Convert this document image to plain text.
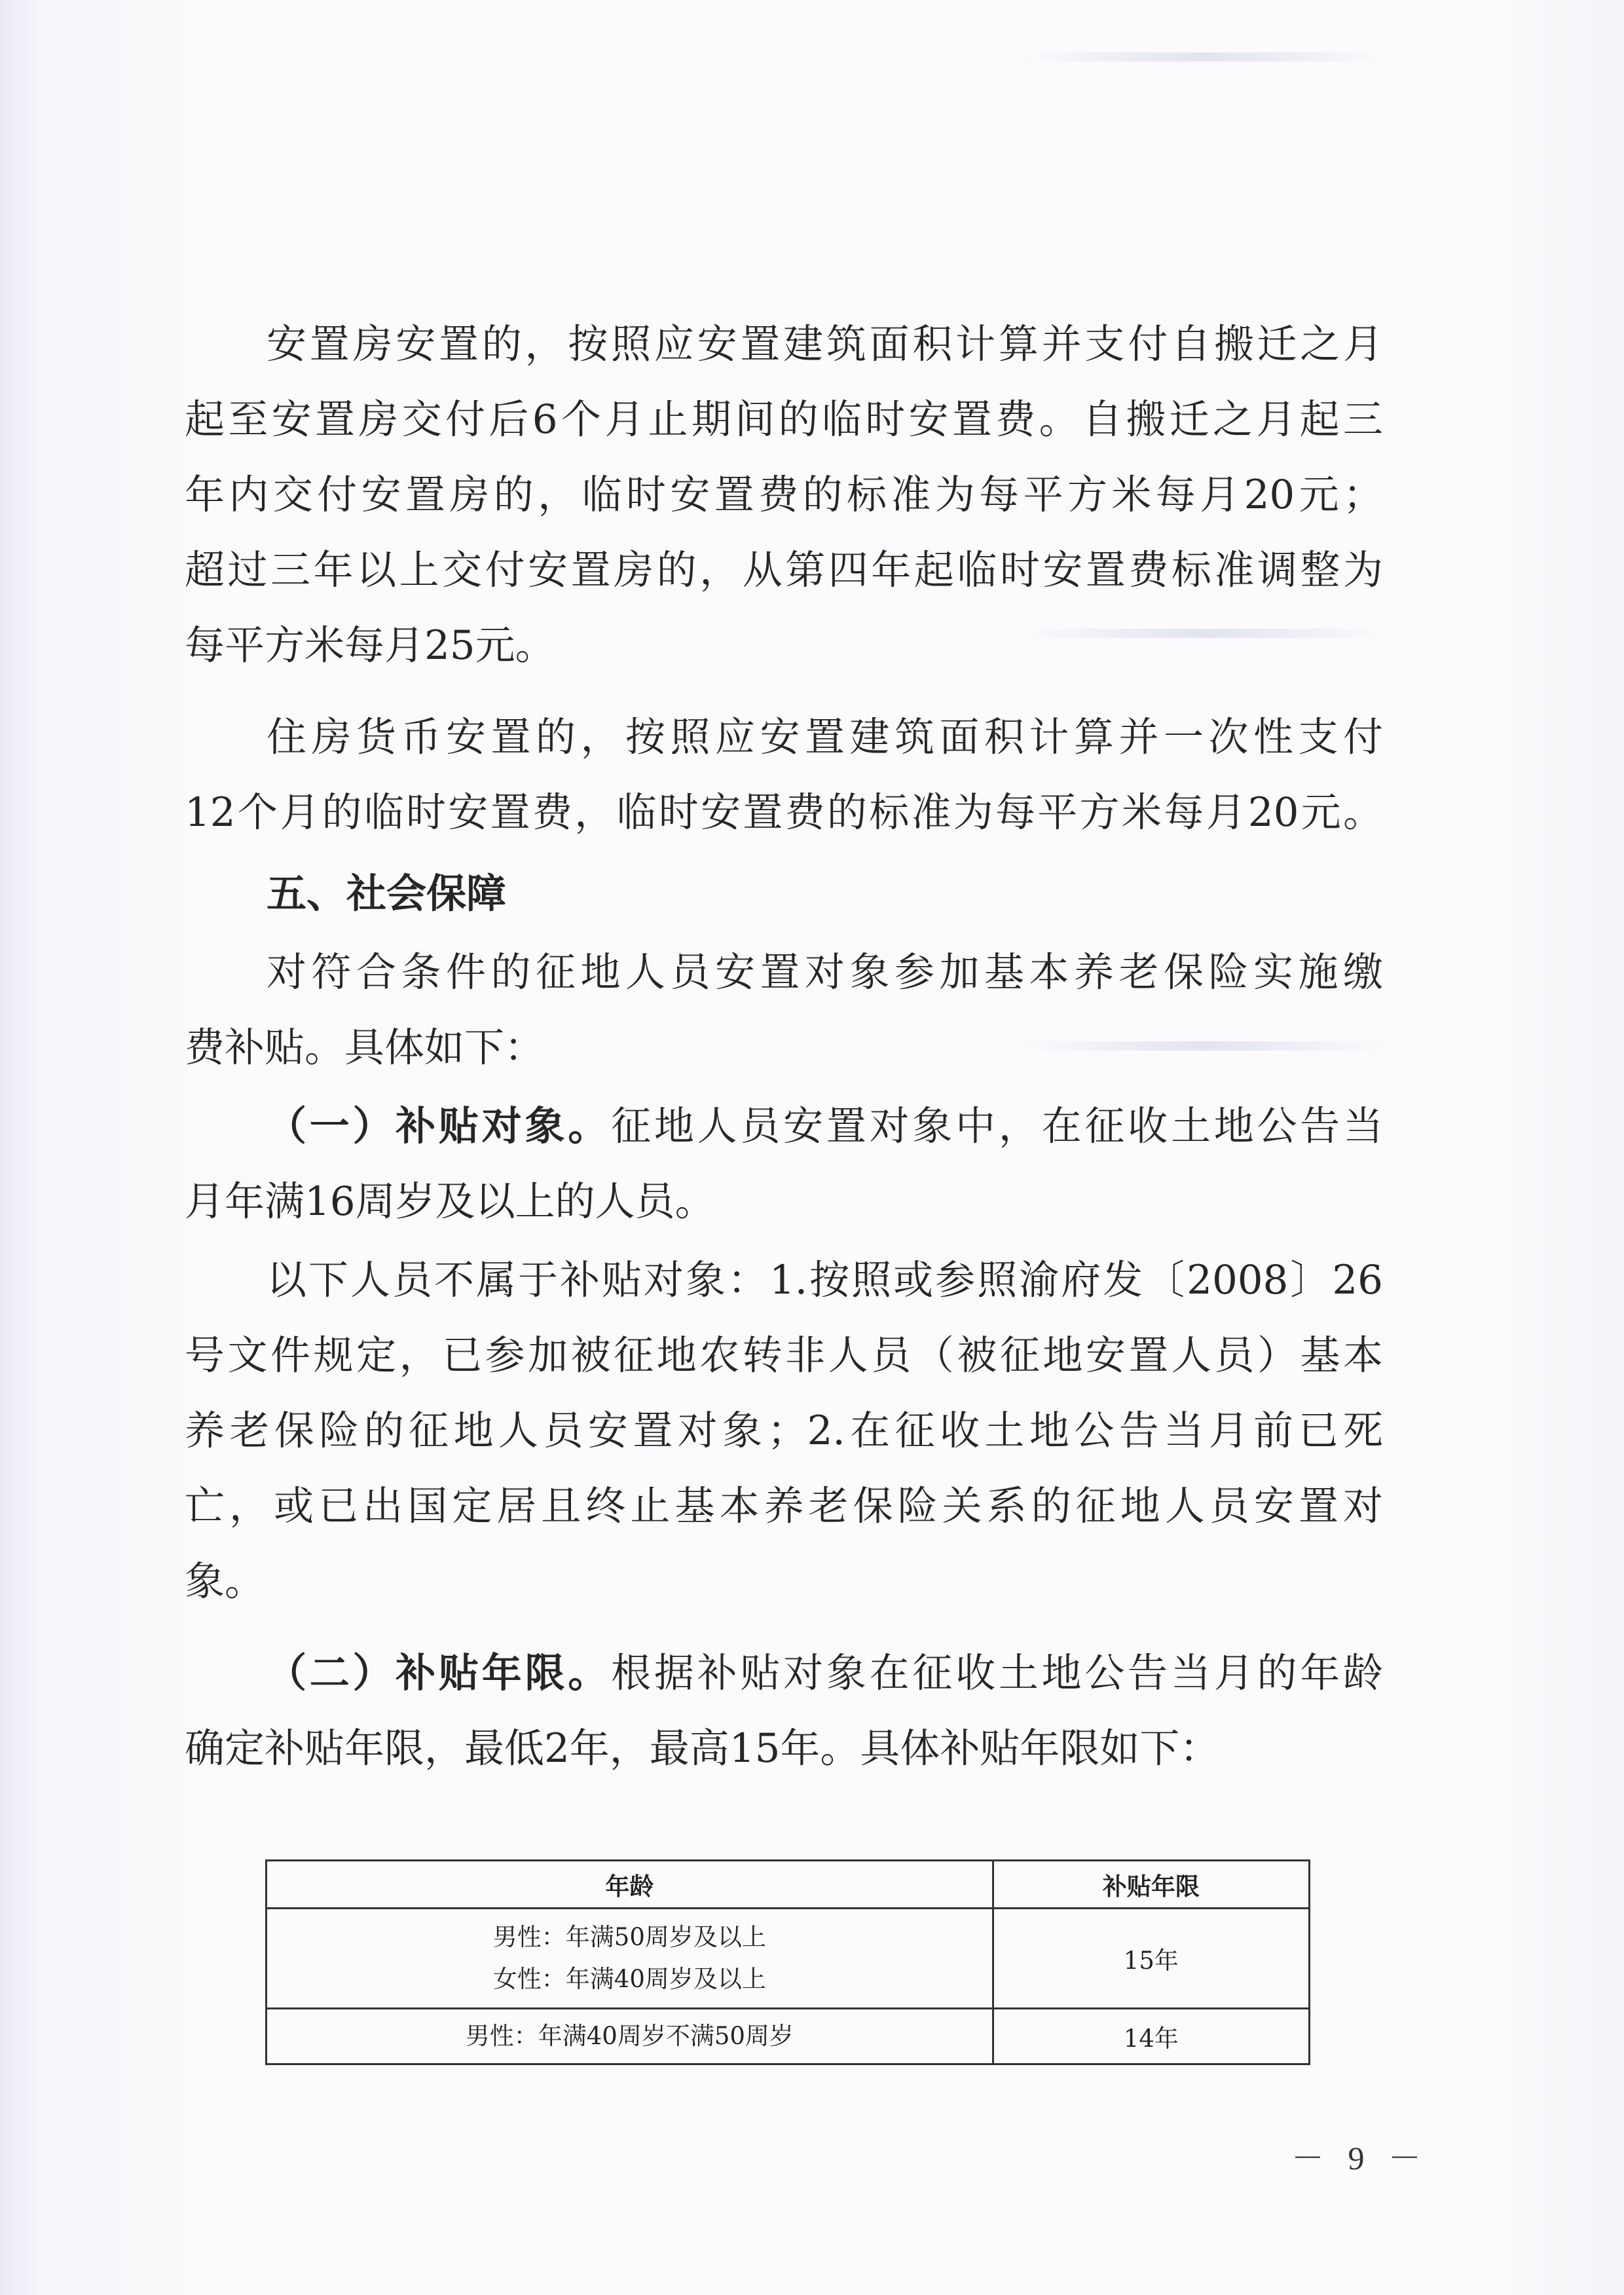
安置房安置的，按照应安置建筑面积计算并支付自搬迁之月
起至安置房交付后6个月止期间的临时安置费。自搬迁之月起三
年内交付安置房的，临时安置费的标准为每平方米每月20元；
超过三年以上交付安置房的，从第四年起临时安置费标准调整为
每平方米每月25元。
住房货币安置的，按照应安置建筑面积计算并一次性支付
12个月的临时安置费，临时安置费的标准为每平方米每月20元。
五、社会保障
对符合条件的征地人员安置对象参加基本养老保险实施缴
费补贴。具体如下：
（一）补贴对象。征地人员安置对象中，在征收土地公告当
月年满16周岁及以上的人员。
以下人员不属于补贴对象：1.按照或参照渝府发〔2008〕26
号文件规定，已参加被征地农转非人员（被征地安置人员）基本
养老保险的征地人员安置对象；2.在征收土地公告当月前已死
亡，或已出国定居且终止基本养老保险关系的征地人员安置对
象。
（二）补贴年限。根据补贴对象在征收土地公告当月的年龄
确定补贴年限，最低2年，最高15年。具体补贴年限如下：
年龄	补贴年限

男性：年满50周岁及以上
女性：年满40周岁及以上	15年

男性：年满40周岁不满50周岁	14年
－ 9 －
